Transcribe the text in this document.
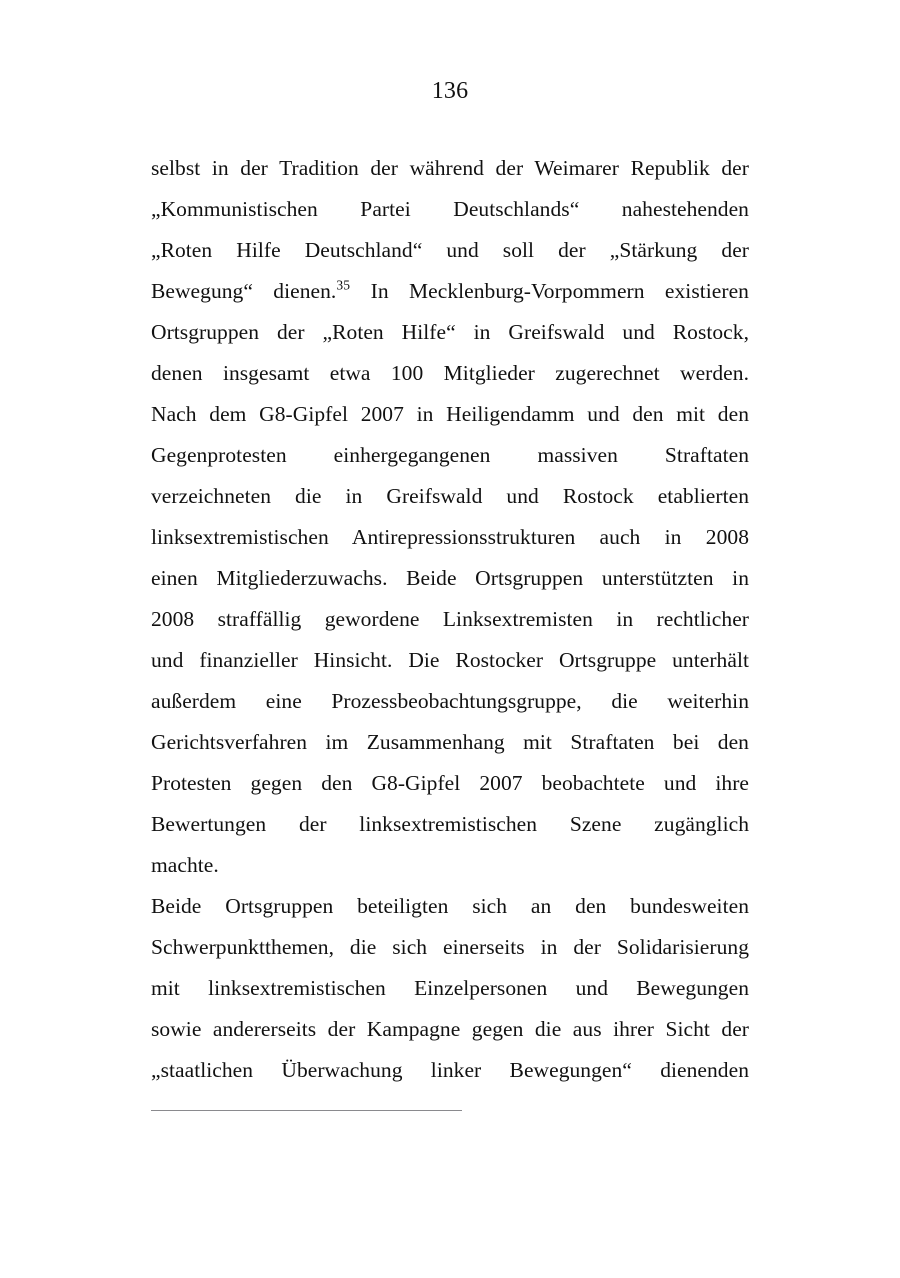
136

selbst in der Tradition der während der Weimarer Republik der
„Kommunistischen Partei Deutschlands“ nahestehenden
„Roten Hilfe Deutschland“ und soll der „Stärkung der
Bewegung“ dienen.$^{35}$ In Mecklenburg-Vorpommern existieren
Ortsgruppen der „Roten Hilfe“ in Greifswald und Rostock,
denen insgesamt etwa 100 Mitglieder zugerechnet werden.
Nach dem G8-Gipfel 2007 in Heiligendamm und den mit den
Gegenprotesten einhergegangenen massiven Straftaten
verzeichneten die in Greifswald und Rostock etablierten
linksextremistischen Antirepressionsstrukturen auch in 2008
einen Mitgliederzuwachs. Beide Ortsgruppen unterstützten in
2008 straffällig gewordene Linksextremisten in rechtlicher
und finanzieller Hinsicht. Die Rostocker Ortsgruppe unterhält
außerdem eine Prozessbeobachtungsgruppe, die weiterhin
Gerichtsverfahren im Zusammenhang mit Straftaten bei den
Protesten gegen den G8-Gipfel 2007 beobachtete und ihre
Bewertungen der linksextremistischen Szene zugänglich
machte.

Beide Ortsgruppen beteiligten sich an den bundesweiten
Schwerpunktthemen, die sich einerseits in der Solidarisierung
mit linksextremistischen Einzelpersonen und Bewegungen
sowie andererseits der Kampagne gegen die aus ihrer Sicht der
„staatlichen Überwachung linker Bewegungen“ dienenden
